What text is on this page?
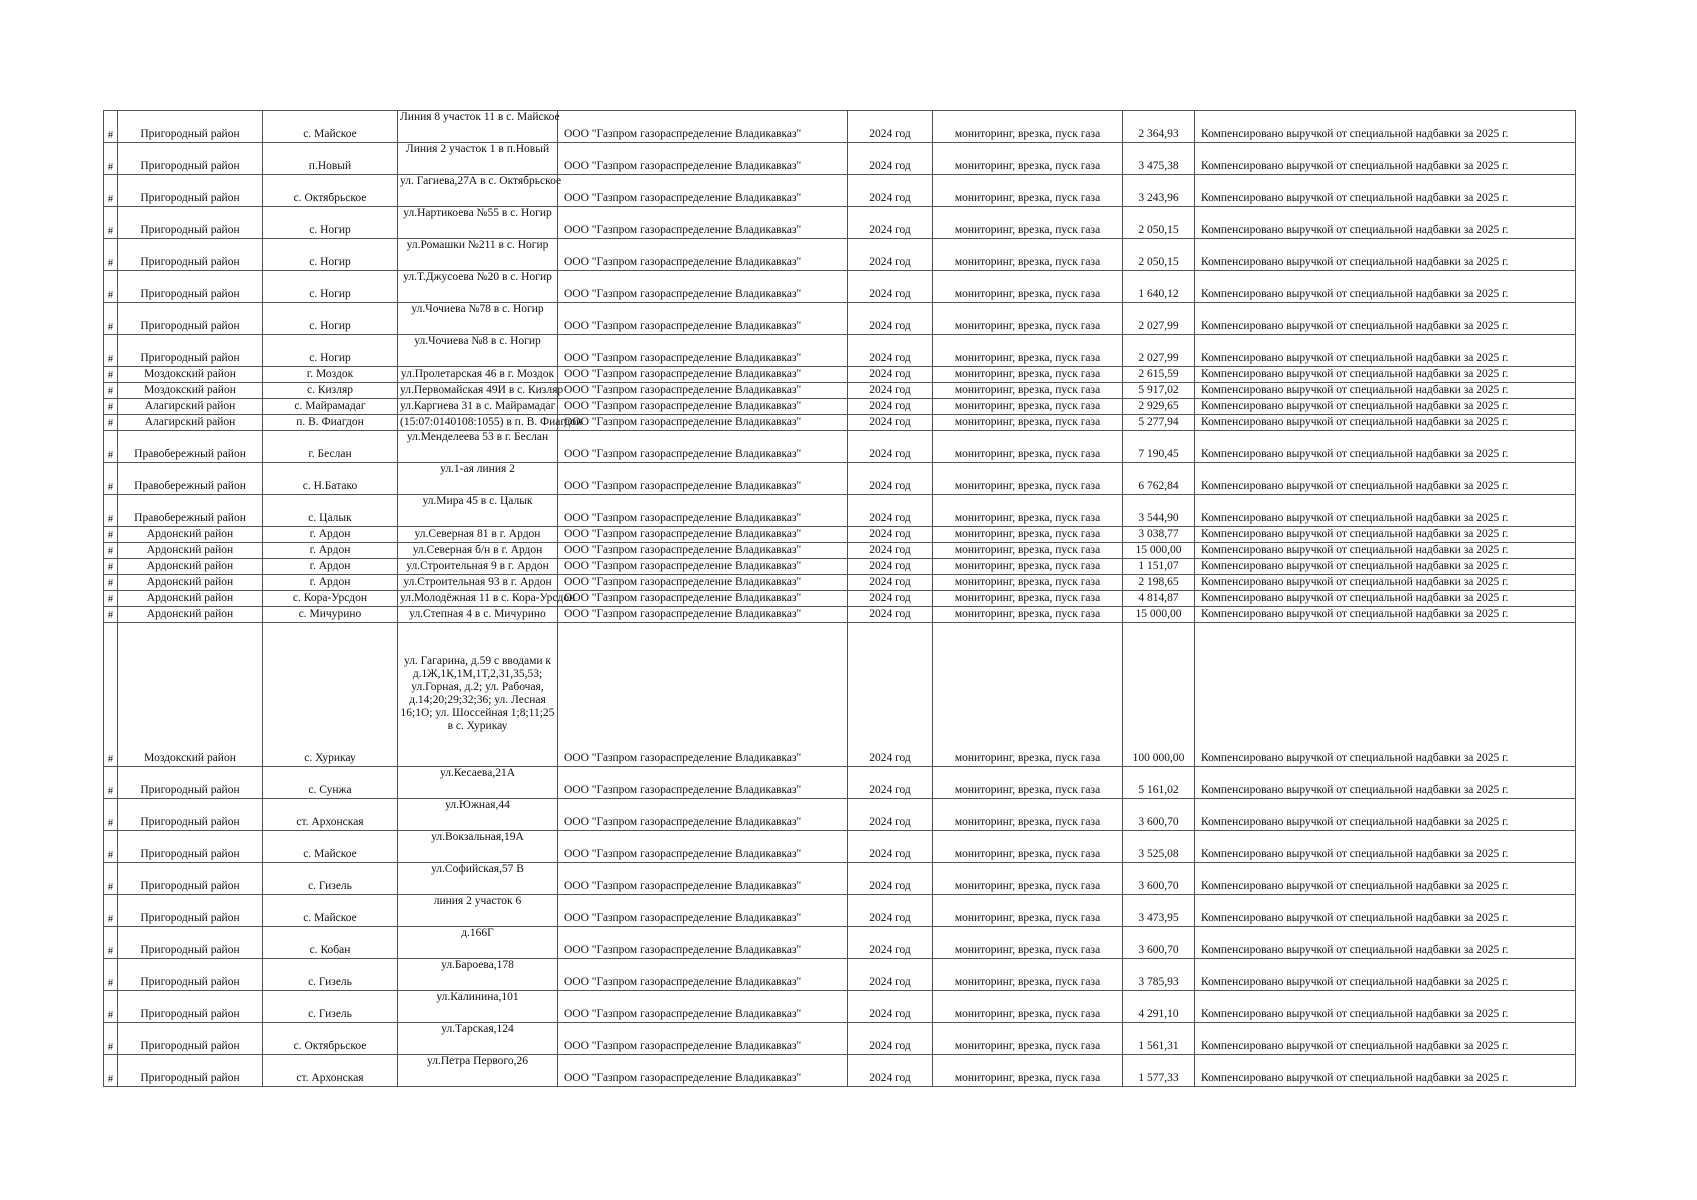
#	Пригородный район	с. Майское	Линия 8 участок 11 в с. Майское	ООО "Газпром газораспределение Владикавказ"	2024 год	мониторинг, врезка, пуск газа	2 364,93	Компенсировано выручкой от специальной надбавки за 2025 г.
#	Пригородный район	п.Новый	Линия 2 участок 1 в п.Новый	ООО "Газпром газораспределение Владикавказ"	2024 год	мониторинг, врезка, пуск газа	3 475,38	Компенсировано выручкой от специальной надбавки за 2025 г.
#	Пригородный район	с. Октябрьское	ул. Гагиева,27А в с. Октябрьское	ООО "Газпром газораспределение Владикавказ"	2024 год	мониторинг, врезка, пуск газа	3 243,96	Компенсировано выручкой от специальной надбавки за 2025 г.
#	Пригородный район	с. Ногир	ул.Нартикоева №55 в с. Ногир	ООО "Газпром газораспределение Владикавказ"	2024 год	мониторинг, врезка, пуск газа	2 050,15	Компенсировано выручкой от специальной надбавки за 2025 г.
#	Пригородный район	с. Ногир	ул.Ромашки №211 в с. Ногир	ООО "Газпром газораспределение Владикавказ"	2024 год	мониторинг, врезка, пуск газа	2 050,15	Компенсировано выручкой от специальной надбавки за 2025 г.
#	Пригородный район	с. Ногир	ул.Т.Джусоева №20 в с. Ногир	ООО "Газпром газораспределение Владикавказ"	2024 год	мониторинг, врезка, пуск газа	1 640,12	Компенсировано выручкой от специальной надбавки за 2025 г.
#	Пригородный район	с. Ногир	ул.Чочиева №78 в с. Ногир	ООО "Газпром газораспределение Владикавказ"	2024 год	мониторинг, врезка, пуск газа	2 027,99	Компенсировано выручкой от специальной надбавки за 2025 г.
#	Пригородный район	с. Ногир	ул.Чочиева №8 в с. Ногир	ООО "Газпром газораспределение Владикавказ"	2024 год	мониторинг, врезка, пуск газа	2 027,99	Компенсировано выручкой от специальной надбавки за 2025 г.
#	Моздокский район	г. Моздок	ул.Пролетарская 46 в г. Моздок	ООО "Газпром газораспределение Владикавказ"	2024 год	мониторинг, врезка, пуск газа	2 615,59	Компенсировано выручкой от специальной надбавки за 2025 г.
#	Моздокский район	с. Кизляр	ул.Первомайская 49И в с. Кизляр	ООО "Газпром газораспределение Владикавказ"	2024 год	мониторинг, врезка, пуск газа	5 917,02	Компенсировано выручкой от специальной надбавки за 2025 г.
#	Алагирский район	с. Майрамадаг	ул.Каргиева 31 в с. Майрамадаг	ООО "Газпром газораспределение Владикавказ"	2024 год	мониторинг, врезка, пуск газа	2 929,65	Компенсировано выручкой от специальной надбавки за 2025 г.
#	Алагирский район	п. В. Фиагдон	(15:07:0140108:1055) в п. В. Фиагдон	ООО "Газпром газораспределение Владикавказ"	2024 год	мониторинг, врезка, пуск газа	5 277,94	Компенсировано выручкой от специальной надбавки за 2025 г.
#	Правобережный район	г. Беслан	ул.Менделеева 53 в г. Беслан	ООО "Газпром газораспределение Владикавказ"	2024 год	мониторинг, врезка, пуск газа	7 190,45	Компенсировано выручкой от специальной надбавки за 2025 г.
#	Правобережный район	с. Н.Батако	ул.1-ая линия 2	ООО "Газпром газораспределение Владикавказ"	2024 год	мониторинг, врезка, пуск газа	6 762,84	Компенсировано выручкой от специальной надбавки за 2025 г.
#	Правобережный район	с. Цалык	ул.Мира 45 в с. Цалык	ООО "Газпром газораспределение Владикавказ"	2024 год	мониторинг, врезка, пуск газа	3 544,90	Компенсировано выручкой от специальной надбавки за 2025 г.
#	Ардонский район	г. Ардон	ул.Северная 81 в г. Ардон	ООО "Газпром газораспределение Владикавказ"	2024 год	мониторинг, врезка, пуск газа	3 038,77	Компенсировано выручкой от специальной надбавки за 2025 г.
#	Ардонский район	г. Ардон	ул.Северная б/н в г. Ардон	ООО "Газпром газораспределение Владикавказ"	2024 год	мониторинг, врезка, пуск газа	15 000,00	Компенсировано выручкой от специальной надбавки за 2025 г.
#	Ардонский район	г. Ардон	ул.Строительная 9 в г. Ардон	ООО "Газпром газораспределение Владикавказ"	2024 год	мониторинг, врезка, пуск газа	1 151,07	Компенсировано выручкой от специальной надбавки за 2025 г.
#	Ардонский район	г. Ардон	ул.Строительная 93 в г. Ардон	ООО "Газпром газораспределение Владикавказ"	2024 год	мониторинг, врезка, пуск газа	2 198,65	Компенсировано выручкой от специальной надбавки за 2025 г.
#	Ардонский район	с. Кора-Урсдон	ул.Молодёжная 11 в с. Кора-Урсдон	ООО "Газпром газораспределение Владикавказ"	2024 год	мониторинг, врезка, пуск газа	4 814,87	Компенсировано выручкой от специальной надбавки за 2025 г.
#	Ардонский район	с. Мичурино	ул.Степная 4 в с. Мичурино	ООО "Газпром газораспределение Владикавказ"	2024 год	мониторинг, врезка, пуск газа	15 000,00	Компенсировано выручкой от специальной надбавки за 2025 г.
#	Моздокский район	с. Хурикау	ул. Гагарина, д.59 с вводами к д.1Ж,1К,1М,1Т,2,31,35,53; ул.Горная, д.2; ул. Рабочая, д.14;20;29;32;36; ул. Лесная 16;1О; ул. Шоссейная 1;8;11;25 в с. Хурикау	ООО "Газпром газораспределение Владикавказ"	2024 год	мониторинг, врезка, пуск газа	100 000,00	Компенсировано выручкой от специальной надбавки за 2025 г.
#	Пригородный район	с. Сунжа	ул.Кесаева,21А	ООО "Газпром газораспределение Владикавказ"	2024 год	мониторинг, врезка, пуск газа	5 161,02	Компенсировано выручкой от специальной надбавки за 2025 г.
#	Пригородный район	ст. Архонская	ул.Южная,44	ООО "Газпром газораспределение Владикавказ"	2024 год	мониторинг, врезка, пуск газа	3 600,70	Компенсировано выручкой от специальной надбавки за 2025 г.
#	Пригородный район	с. Майское	ул.Вокзальная,19А	ООО "Газпром газораспределение Владикавказ"	2024 год	мониторинг, врезка, пуск газа	3 525,08	Компенсировано выручкой от специальной надбавки за 2025 г.
#	Пригородный район	с. Гизель	ул.Софийская,57 В	ООО "Газпром газораспределение Владикавказ"	2024 год	мониторинг, врезка, пуск газа	3 600,70	Компенсировано выручкой от специальной надбавки за 2025 г.
#	Пригородный район	с. Майское	линия 2 участок 6	ООО "Газпром газораспределение Владикавказ"	2024 год	мониторинг, врезка, пуск газа	3 473,95	Компенсировано выручкой от специальной надбавки за 2025 г.
#	Пригородный район	с. Кобан	д.166Г	ООО "Газпром газораспределение Владикавказ"	2024 год	мониторинг, врезка, пуск газа	3 600,70	Компенсировано выручкой от специальной надбавки за 2025 г.
#	Пригородный район	с. Гизель	ул.Бароева,178	ООО "Газпром газораспределение Владикавказ"	2024 год	мониторинг, врезка, пуск газа	3 785,93	Компенсировано выручкой от специальной надбавки за 2025 г.
#	Пригородный район	с. Гизель	ул.Калинина,101	ООО "Газпром газораспределение Владикавказ"	2024 год	мониторинг, врезка, пуск газа	4 291,10	Компенсировано выручкой от специальной надбавки за 2025 г.
#	Пригородный район	с. Октябрьское	ул.Тарская,124	ООО "Газпром газораспределение Владикавказ"	2024 год	мониторинг, врезка, пуск газа	1 561,31	Компенсировано выручкой от специальной надбавки за 2025 г.
#	Пригородный район	ст. Архонская	ул.Петра Первого,26	ООО "Газпром газораспределение Владикавказ"	2024 год	мониторинг, врезка, пуск газа	1 577,33	Компенсировано выручкой от специальной надбавки за 2025 г.
